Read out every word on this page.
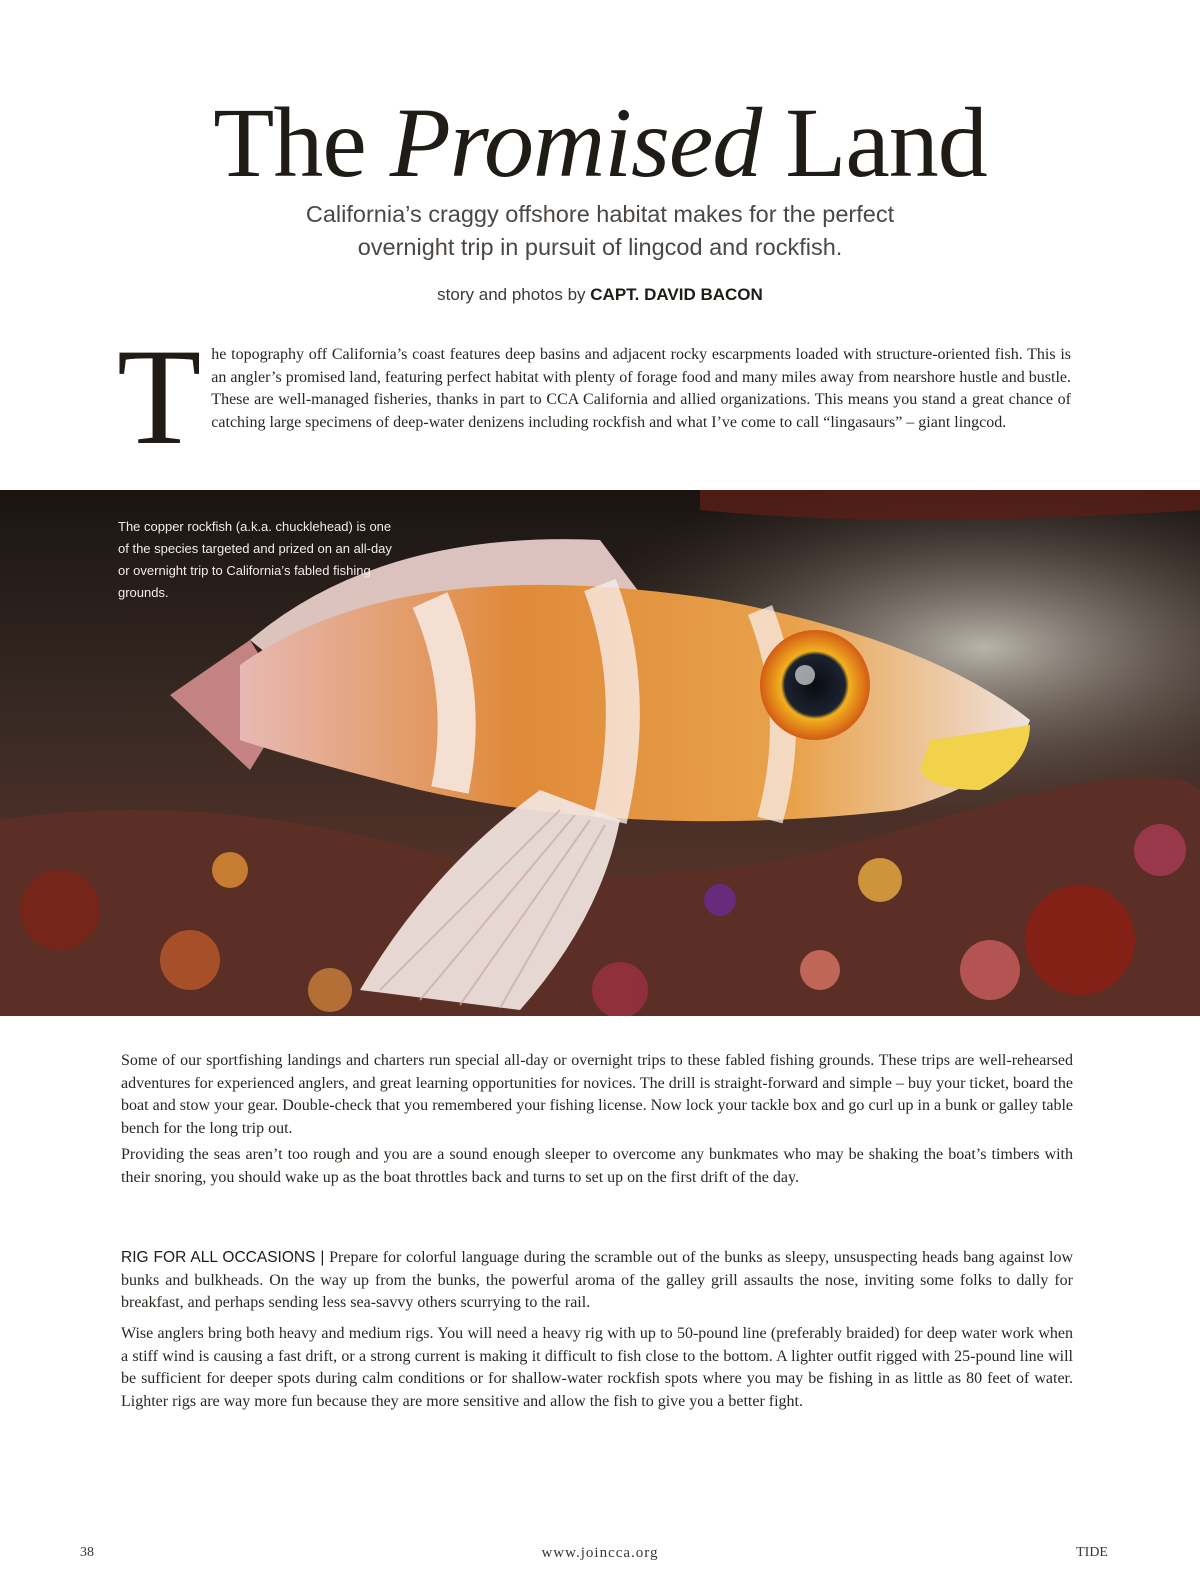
The Promised Land
California’s craggy offshore habitat makes for the perfect
overnight trip in pursuit of lingcod and rockfish.
story and photos by CAPT. DAVID BACON
T he topography off California’s coast features deep basins and adjacent rocky escarpments loaded with structure-oriented fish. This is an angler’s promised land, featuring perfect habitat with plenty of forage food and many miles away from nearshore hustle and bustle. These are well-managed fisheries, thanks in part to CCA California and allied organizations. This means you stand a great chance of catching large specimens of deep-water denizens including rockfish and what I’ve come to call “lingasaurs” – giant lingcod.

The copper rockfish (a.k.a. chucklehead) is one of the species targeted and prized on an all-day or overnight trip to California’s fabled fishing grounds.

Some of our sportfishing landings and charters run special all-day or overnight trips to these fabled fishing grounds. These trips are well-rehearsed adventures for experienced anglers, and great learning opportunities for novices. The drill is straight-forward and simple – buy your ticket, board the boat and stow your gear. Double-check that you remembered your fishing license. Now lock your tackle box and go curl up in a bunk or galley table bench for the long trip out.

Providing the seas aren’t too rough and you are a sound enough sleeper to overcome any bunkmates who may be shaking the boat’s timbers with their snoring, you should wake up as the boat throttles back and turns to set up on the first drift of the day.

RIG FOR ALL OCCASIONS | Prepare for colorful language during the scramble out of the bunks as sleepy, unsuspecting heads bang against low bunks and bulkheads. On the way up from the bunks, the powerful aroma of the galley grill assaults the nose, inviting some folks to dally for breakfast, and perhaps sending less sea-savvy others scurrying to the rail.

Wise anglers bring both heavy and medium rigs. You will need a heavy rig with up to 50-pound line (preferably braided) for deep water work when a stiff wind is causing a fast drift, or a strong current is making it difficult to fish close to the bottom. A lighter outfit rigged with 25-pound line will be sufficient for deeper spots during calm conditions or for shallow-water rockfish spots where you may be fishing in as little as 80 feet of water. Lighter rigs are way more fun because they are more sensitive and allow the fish to give you a better fight.

38	www.joincca.org	TIDE
